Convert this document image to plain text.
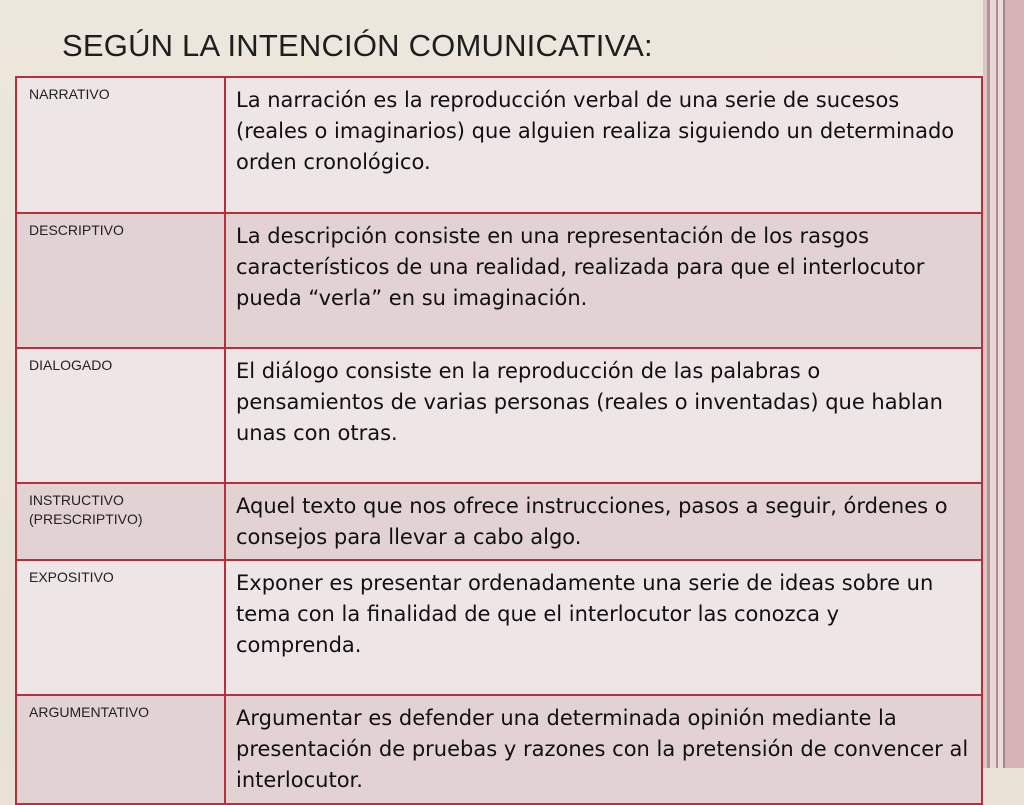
SEGÚN LA INTENCIÓN COMUNICATIVA:
NARRATIVO	La narración es la reproducción verbal de una serie de sucesos (reales o imaginarios) que alguien realiza siguiendo un determinado orden cronológico.
DESCRIPTIVO	La descripción consiste en una representación de los rasgos característicos de una realidad, realizada para que el interlocutor pueda “verla” en su imaginación.
DIALOGADO	El diálogo consiste en la reproducción de las palabras o pensamientos de varias personas (reales o inventadas) que hablan unas con otras.
INSTRUCTIVO (PRESCRIPTIVO)	Aquel texto que nos ofrece instrucciones, pasos a seguir, órdenes o consejos para llevar a cabo algo.
EXPOSITIVO	Exponer es presentar ordenadamente una serie de ideas sobre un tema con la finalidad de que el interlocutor las conozca y comprenda.
ARGUMENTATIVO	Argumentar es defender una determinada opinión mediante la presentación de pruebas y razones con la pretensión de convencer al interlocutor.
